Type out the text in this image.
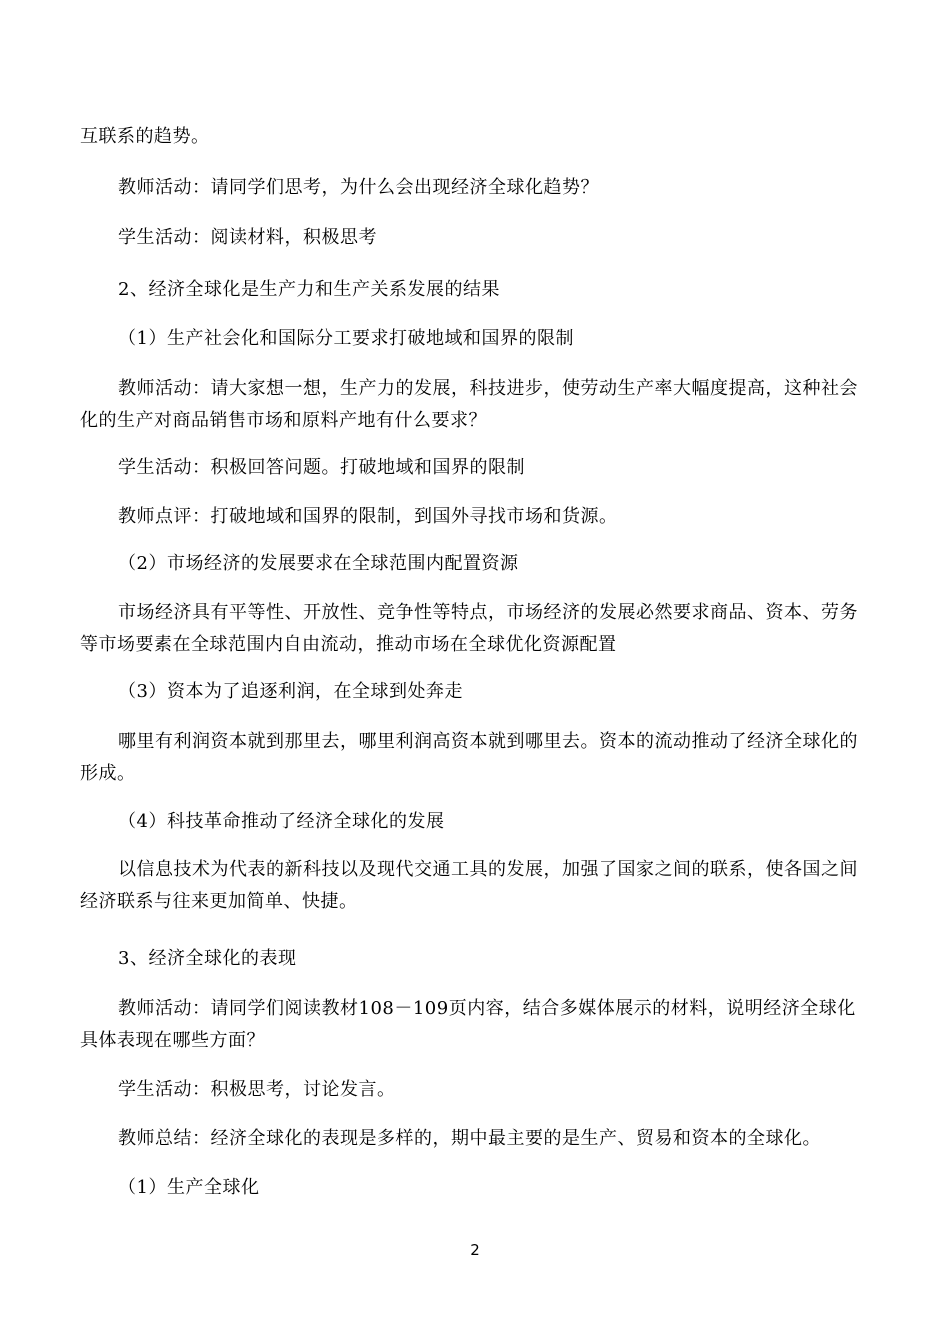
互联系的趋势。

教师活动：请同学们思考，为什么会出现经济全球化趋势？

学生活动：阅读材料，积极思考

2、经济全球化是生产力和生产关系发展的结果

（1）生产社会化和国际分工要求打破地域和国界的限制

教师活动：请大家想一想，生产力的发展，科技进步，使劳动生产率大幅度提高，这种社会化的生产对商品销售市场和原料产地有什么要求？

学生活动：积极回答问题。打破地域和国界的限制

教师点评：打破地域和国界的限制，到国外寻找市场和货源。

（2）市场经济的发展要求在全球范围内配置资源

市场经济具有平等性、开放性、竞争性等特点，市场经济的发展必然要求商品、资本、劳务等市场要素在全球范围内自由流动，推动市场在全球优化资源配置

（3）资本为了追逐利润，在全球到处奔走

哪里有利润资本就到那里去，哪里利润高资本就到哪里去。资本的流动推动了经济全球化的形成。

（4）科技革命推动了经济全球化的发展

以信息技术为代表的新科技以及现代交通工具的发展，加强了国家之间的联系，使各国之间经济联系与往来更加简单、快捷。

3、经济全球化的表现

教师活动：请同学们阅读教材108－109页内容，结合多媒体展示的材料，说明经济全球化具体表现在哪些方面？

学生活动：积极思考，讨论发言。

教师总结：经济全球化的表现是多样的，期中最主要的是生产、贸易和资本的全球化。

（1）生产全球化

2
